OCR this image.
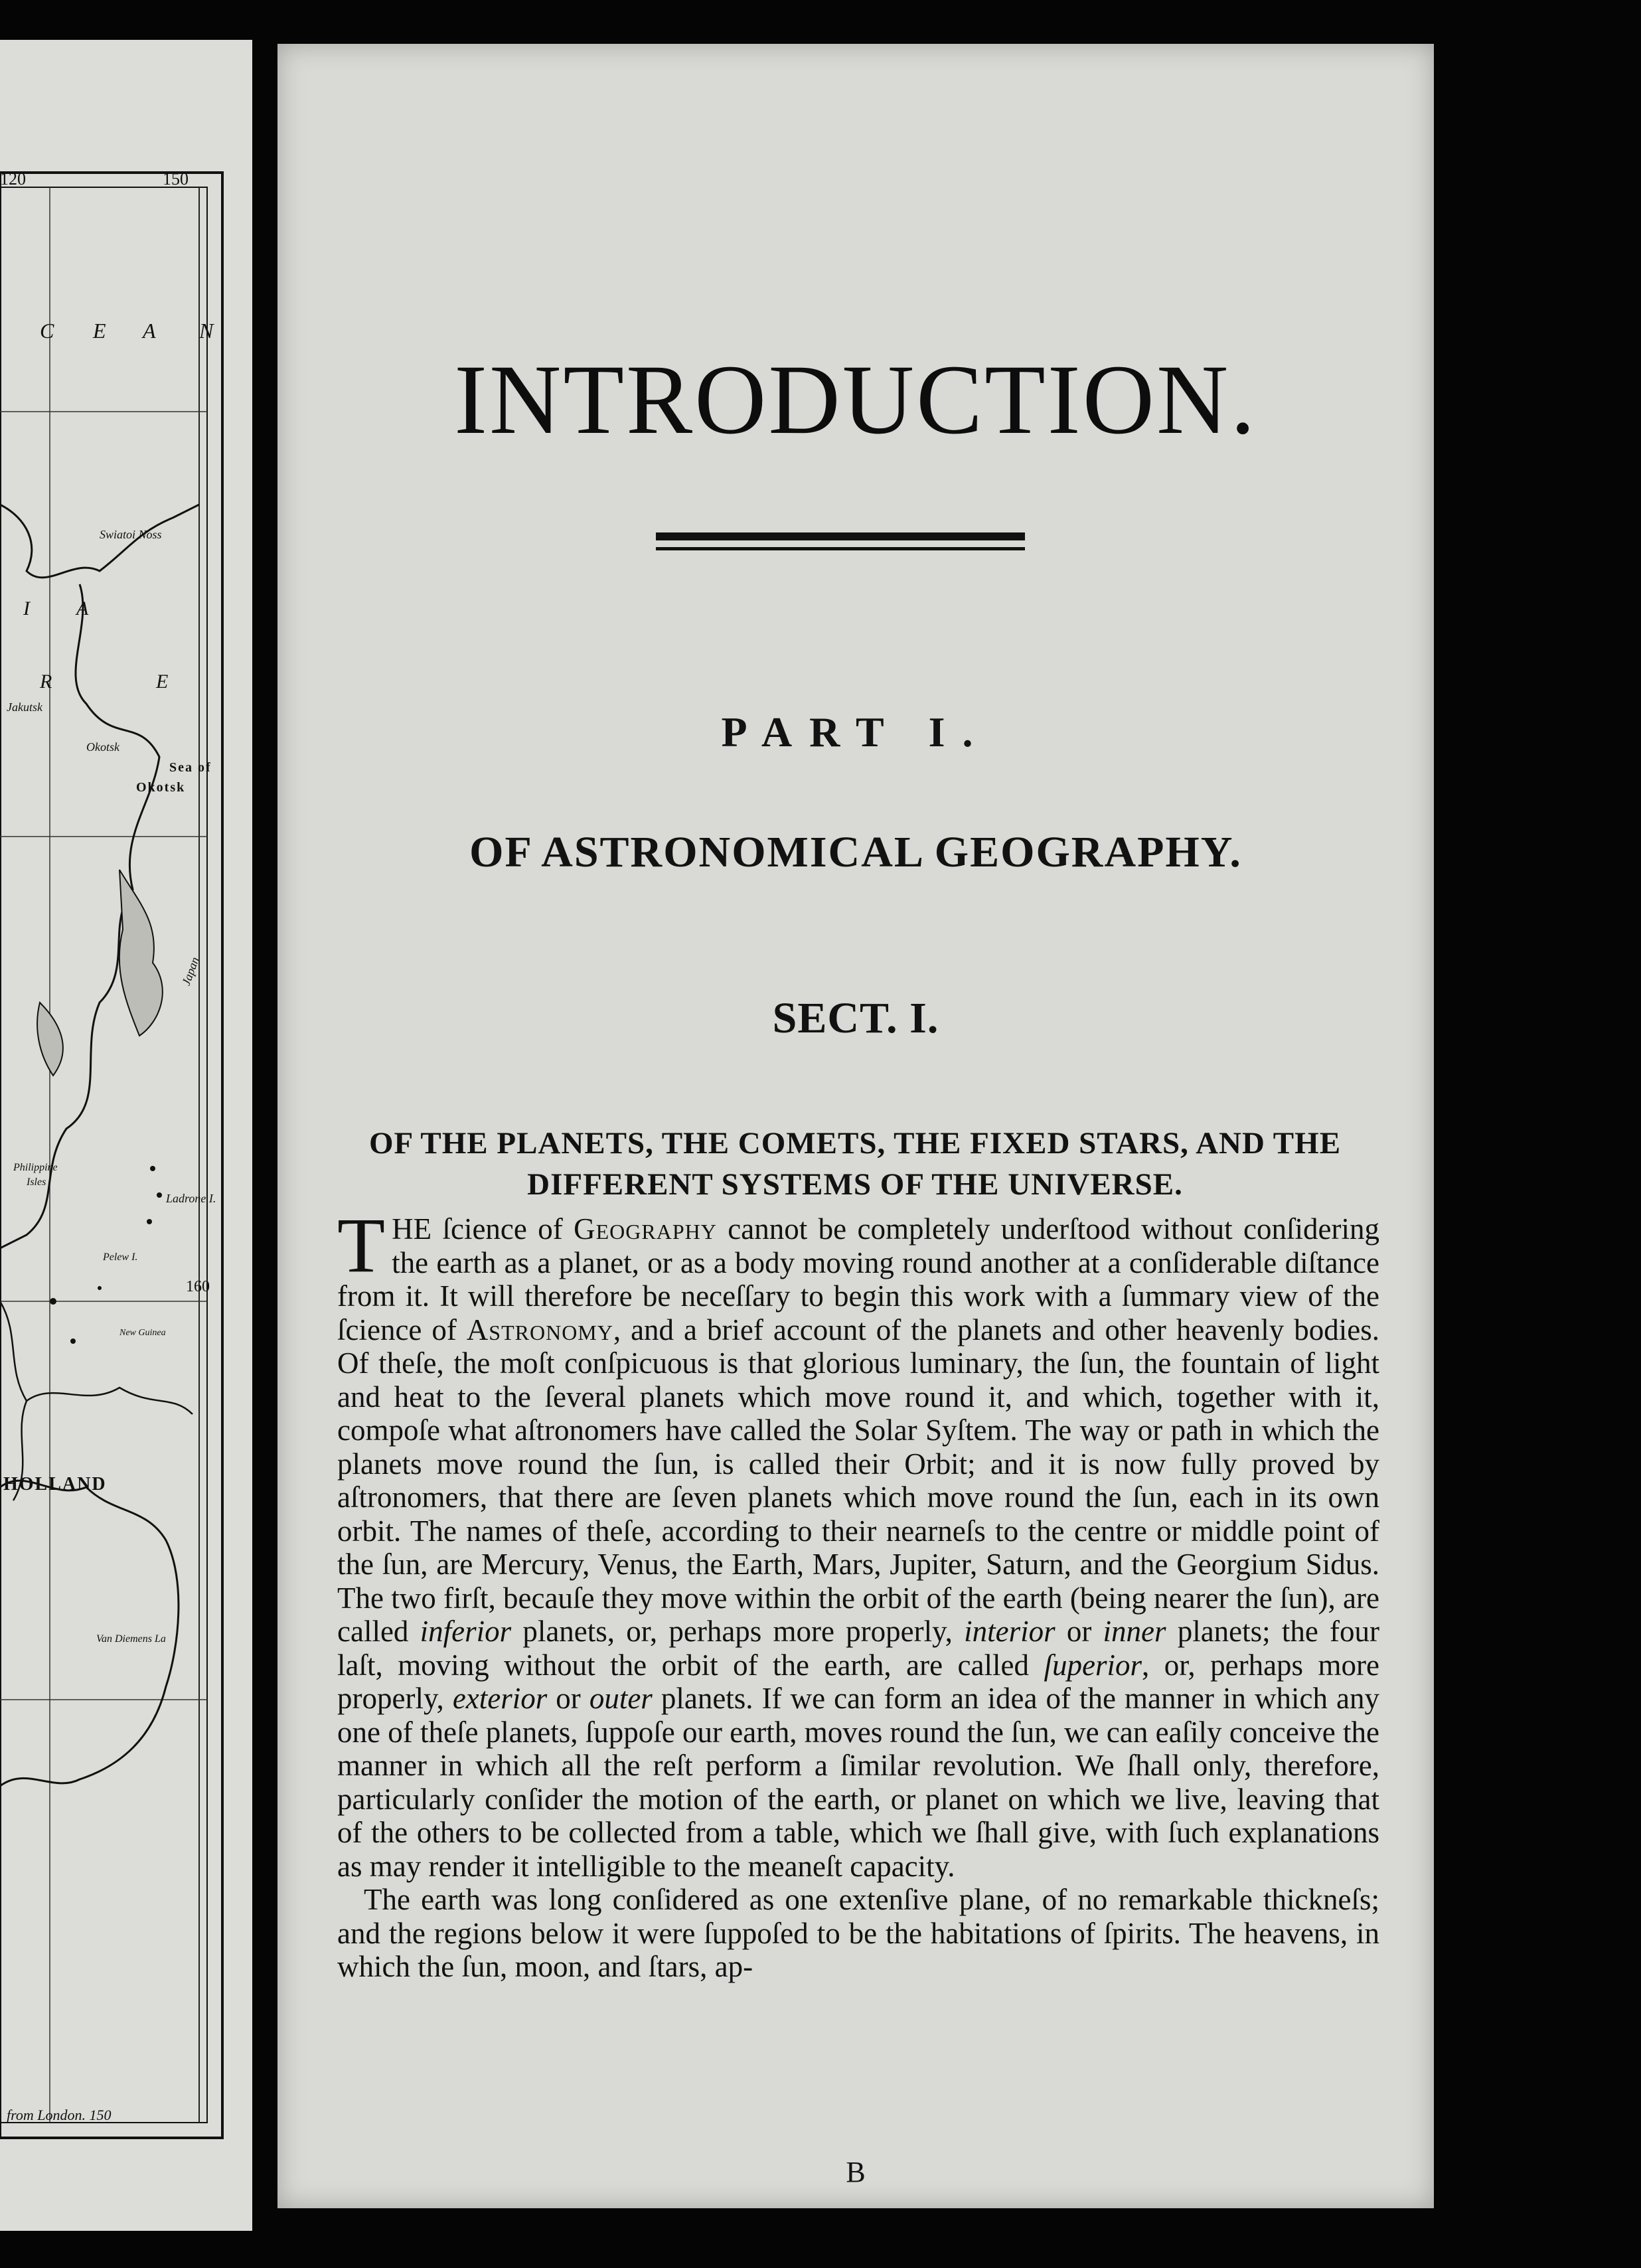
120	150
C E A N
Swiatoi Noss
I A
R	E
Jakutsk
Okotsk
Sea of
Okotsk
Japan
Philippine
Isles
Ladrone I.
Pelew I.
160
New Guinea
HOLLAND
Van Diemens La
from London. 150
INTRODUCTION.
PART I.
OF ASTRONOMICAL GEOGRAPHY.
SECT. I.
OF THE PLANETS, THE COMETS, THE FIXED STARS, AND THE DIFFERENT SYSTEMS OF THE UNIVERSE.

THE ſcience of Geography cannot be completely underſtood without conſidering the earth as a planet, or as a body moving round another at a conſiderable diſtance from it. It will therefore be neceſſary to begin this work with a ſummary view of the ſcience of Astronomy, and a brief account of the planets and other heavenly bodies. Of theſe, the moſt conſpicuous is that glorious luminary, the ſun, the fountain of light and heat to the ſeveral planets which move round it, and which, together with it, compoſe what aſtronomers have called the Solar Syſtem. The way or path in which the planets move round the ſun, is called their Orbit; and it is now fully proved by aſtronomers, that there are ſeven planets which move round the ſun, each in its own orbit. The names of theſe, according to their nearneſs to the centre or middle point of the ſun, are Mercury, Venus, the Earth, Mars, Jupiter, Saturn, and the Georgium Sidus. The two firſt, becauſe they move within the orbit of the earth (being nearer the ſun), are called inferior planets, or, perhaps more properly, interior or inner planets; the four laſt, moving without the orbit of the earth, are called ſuperior, or, perhaps more properly, exterior or outer planets. If we can form an idea of the manner in which any one of theſe planets, ſuppoſe our earth, moves round the ſun, we can eaſily conceive the manner in which all the reſt perform a ſimilar revolution. We ſhall only, therefore, particularly conſider the motion of the earth, or planet on which we live, leaving that of the others to be collected from a table, which we ſhall give, with ſuch explanations as may render it intelligible to the meaneſt capacity.

The earth was long conſidered as one extenſive plane, of no remarkable thickneſs; and the regions below it were ſuppoſed to be the habitations of ſpirits. The heavens, in which the ſun, moon, and ſtars, ap-

B
